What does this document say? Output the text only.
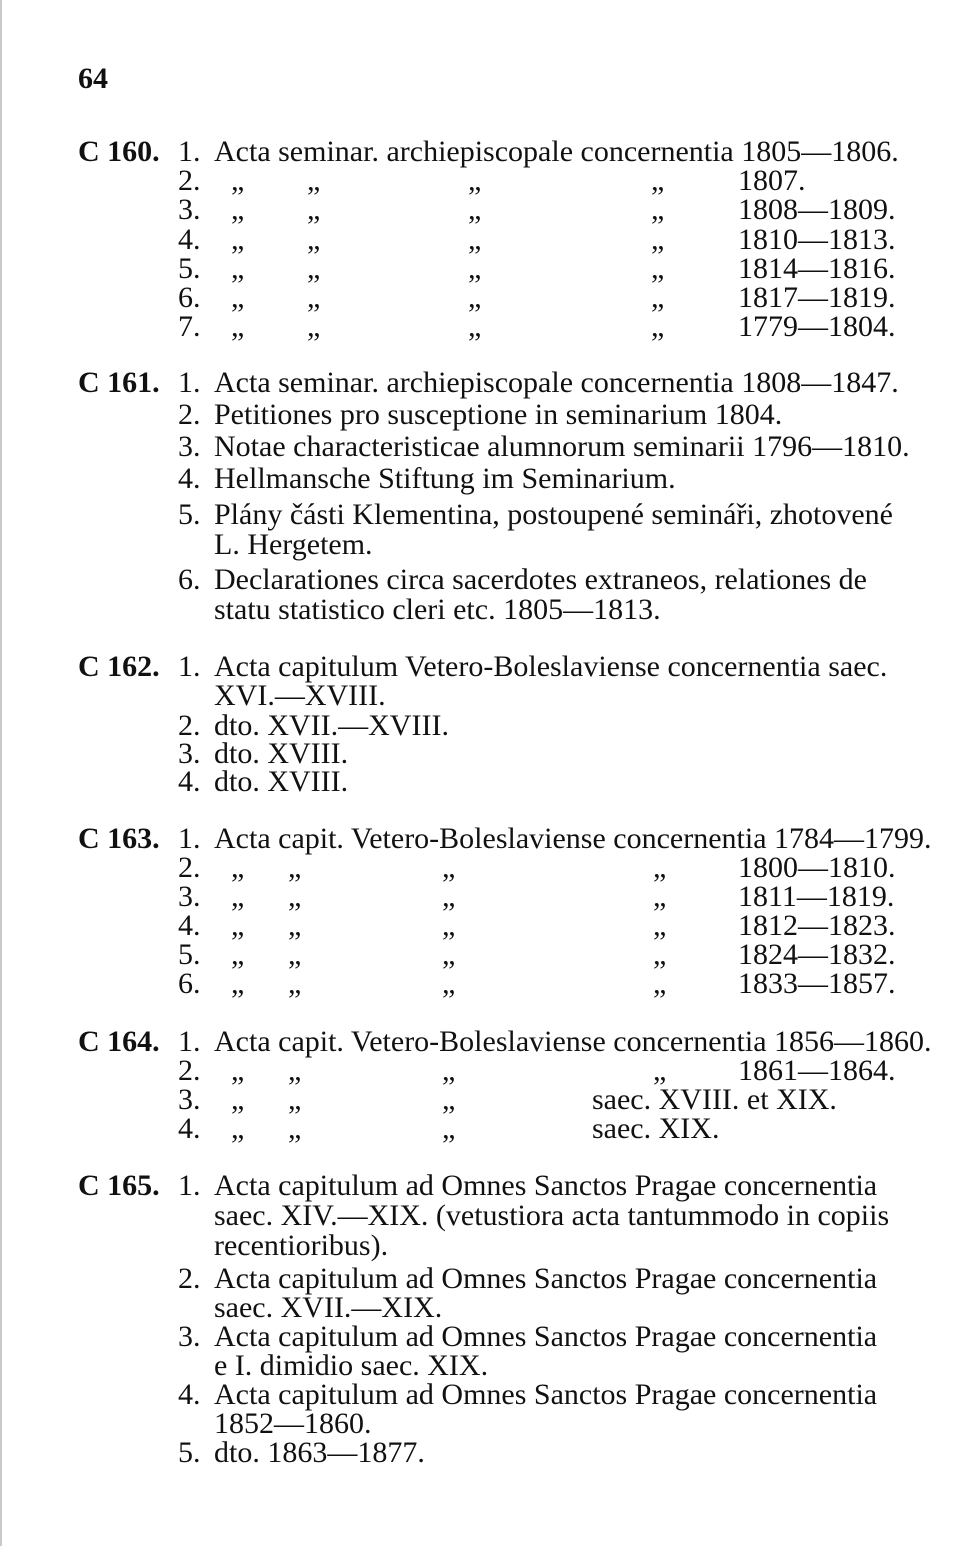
64
C 160. 1. Acta seminar. archiepiscopale concernentia 1805—1806.
2. „ „	„	„ 1807.
3. „ „	„	„ 1808—1809.
4. „ „	„	„ 1810—1813.
5. „ „	„	„ 1814—1816.
6. „ „	„	„ 1817—1819.
7. „ „	„	„ 1779—1804.
C 161. 1. Acta seminar. archiepiscopale concernentia 1808—1847.
2. Petitiones pro susceptione in seminarium 1804.
3. Notae characteristicae alumnorum seminarii 1796—1810.
4. Hellmansche Stiftung im Seminarium.
5. Plány části Klementina, postoupené semináři, zhotovené
L. Hergetem.
6. Declarationes circa sacerdotes extraneos, relationes de
statu statistico cleri etc. 1805—1813.
C 162. 1. Acta capitulum Vetero-Boleslaviense concernentia saec.
XVI.—XVIII.
2. dto. XVII.—XVIII.
3. dto. XVIII.
4. dto. XVIII.
C 163. 1. Acta capit. Vetero-Boleslaviense concernentia 1784—1799.
2. „ „	„	„ 1800—1810.
3. „ „	„	„ 1811—1819.
4. „ „	„	„ 1812—1823.
5. „ „	„	„ 1824—1832.
6. „ „	„	„ 1833—1857.
C 164. 1. Acta capit. Vetero-Boleslaviense concernentia 1856—1860.
2. „ „	„	„ 1861—1864.
3. „ „	„	saec. XVIII. et XIX.
4. „ „	„	saec. XIX.
C 165. 1. Acta capitulum ad Omnes Sanctos Pragae concernentia
saec. XIV.—XIX. (vetustiora acta tantummodo in copiis
recentioribus).
2. Acta capitulum ad Omnes Sanctos Pragae concernentia
saec. XVII.—XIX.
3. Acta capitulum ad Omnes Sanctos Pragae concernentia
e I. dimidio saec. XIX.
4. Acta capitulum ad Omnes Sanctos Pragae concernentia
1852—1860.
5. dto. 1863—1877.
